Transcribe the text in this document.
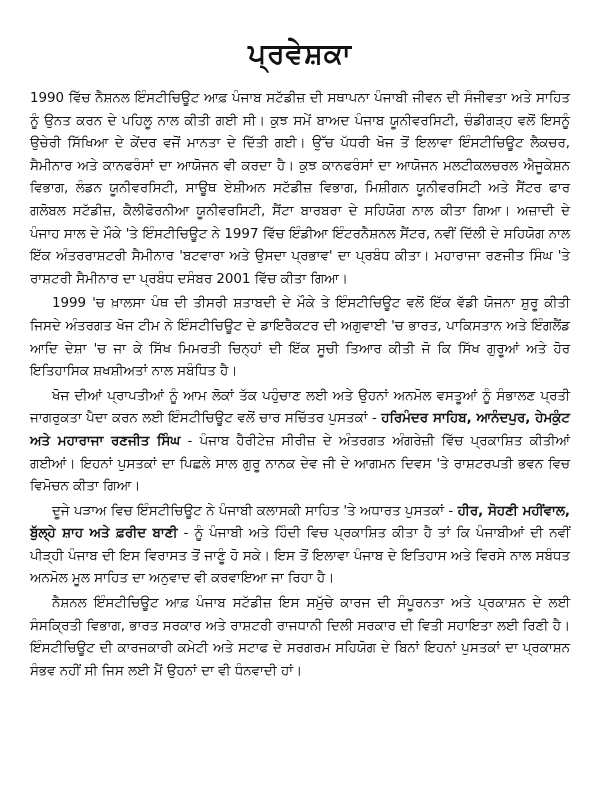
ਪ੍ਰਵੇਸ਼ਕਾ

1990 ਵਿੱਚ ਨੈਸ਼ਨਲ ਇੰਸਟੀਚਿਊਟ ਆਫ਼ ਪੰਜਾਬ ਸਟੱਡੀਜ਼ ਦੀ ਸਥਾਪਨਾ ਪੰਜਾਬੀ ਜੀਵਨ ਦੀ ਸੰਜੀਵਤਾ ਅਤੇ ਸਾਹਿਤ ਨੂੰ ਉਨਤ ਕਰਨ ਦੇ ਪਹਿਲੂ ਨਾਲ ਕੀਤੀ ਗਈ ਸੀ। ਕੁਝ ਸਮੇਂ ਬਾਅਦ ਪੰਜਾਬ ਯੂਨੀਵਰਸਿਟੀ, ਚੰਡੀਗੜ੍ਹ ਵਲੋਂ ਇਸਨੂੰ ਉਚੇਰੀ ਸਿੱਖਿਆ ਦੇ ਕੇਂਦਰ ਵਜੋਂ ਮਾਨਤਾ ਦੇ ਦਿੱਤੀ ਗਈ। ਉੱਚ ਪੱਧਰੀ ਖੋਜ ਤੋਂ ਇਲਾਵਾ ਇੰਸਟੀਚਿਊਟ ਲੈਕਚਰ, ਸੈਮੀਨਾਰ ਅਤੇ ਕਾਨਫਰੰਸਾਂ ਦਾ ਆਯੋਜਨ ਵੀ ਕਰਦਾ ਹੈ। ਕੁਝ ਕਾਨਫਰੰਸਾਂ ਦਾ ਆਯੋਜਨ ਮਲਟੀਕਲਚਰਲ ਐਜੂਕੇਸ਼ਨ ਵਿਭਾਗ, ਲੰਡਨ ਯੂਨੀਵਰਸਿਟੀ, ਸਾਊਥ ਏਸ਼ੀਅਨ ਸਟੱਡੀਜ਼ ਵਿਭਾਗ, ਮਿਸ਼ੀਗਨ ਯੂਨੀਵਰਸਿਟੀ ਅਤੇ ਸੈਂਟਰ ਫਾਰ ਗਲੋਬਲ ਸਟੱਡੀਜ਼, ਕੈਲੀਫੋਰਨੀਆ ਯੂਨੀਵਰਸਿਟੀ, ਸੈਂਟਾ ਬਾਰਬਰਾ ਦੇ ਸਹਿਯੋਗ ਨਾਲ ਕੀਤਾ ਗਿਆ। ਅਜ਼ਾਦੀ ਦੇ ਪੰਜਾਹ ਸਾਲ ਦੇ ਮੌਕੇ 'ਤੇ ਇੰਸਟੀਚਿਊਟ ਨੇ 1997 ਵਿੱਚ ਇੰਡੀਆ ਇੰਟਰਨੈਸ਼ਨਲ ਸੈਂਟਰ, ਨਵੀਂ ਦਿੱਲੀ ਦੇ ਸਹਿਯੋਗ ਨਾਲ ਇੱਕ ਅੰਤਰਰਾਸ਼ਟਰੀ ਸੈਮੀਨਾਰ 'ਬਟਵਾਰਾ ਅਤੇ ਉਸਦਾ ਪ੍ਰਭਾਵ' ਦਾ ਪ੍ਰਬੰਧ ਕੀਤਾ। ਮਹਾਰਾਜਾ ਰਣਜੀਤ ਸਿੰਘ 'ਤੇ ਰਾਸ਼ਟਰੀ ਸੈਮੀਨਾਰ ਦਾ ਪ੍ਰਬੰਧ ਦਸੰਬਰ 2001 ਵਿੱਚ ਕੀਤਾ ਗਿਆ।

1999 'ਚ ਖ਼ਾਲਸਾ ਪੰਥ ਦੀ ਤੀਸਰੀ ਸ਼ਤਾਬਦੀ ਦੇ ਮੌਕੇ ਤੇ ਇੰਸਟੀਚਿਊਟ ਵਲੋਂ ਇੱਕ ਵੱਡੀ ਯੋਜਨਾ ਸ਼ੁਰੂ ਕੀਤੀ ਜਿਸਦੇ ਅੰਤਰਗਤ ਖੋਜ ਟੀਮ ਨੇ ਇੰਸਟੀਚਿਊਟ ਦੇ ਡਾਇਰੈਕਟਰ ਦੀ ਅਗੁਵਾਈ 'ਚ ਭਾਰਤ, ਪਾਕਿਸਤਾਨ ਅਤੇ ਇੰਗਲੈਂਡ ਆਦਿ ਦੇਸ਼ਾ 'ਚ ਜਾ ਕੇ ਸਿੱਖ ਮਿਮਰਤੀ ਚਿਨ੍ਹਾਂ ਦੀ ਇੱਕ ਸੂਚੀ ਤਿਆਰ ਕੀਤੀ ਜੋ ਕਿ ਸਿੱਖ ਗੁਰੂਆਂ ਅਤੇ ਹੋਰ ਇਤਿਹਾਸਿਕ ਸ਼ਖਸ਼ੀਅਤਾਂ ਨਾਲ ਸਬੰਧਿਤ ਹੈ।

ਖੋਜ ਦੀਆਂ ਪ੍ਰਾਪਤੀਆਂ ਨੂੰ ਆਮ ਲੋਕਾਂ ਤੱਕ ਪਹੁੰਚਾਣ ਲਈ ਅਤੇ ਉਹਨਾਂ ਅਨਮੋਲ ਵਸਤੂਆਂ ਨੂੰ ਸੰਭਾਲਣ ਪ੍ਰਤੀ ਜਾਗਰੁਕਤਾ ਪੈਦਾ ਕਰਨ ਲਈ ਇੰਸਟੀਚਿਊਟ ਵਲੋਂ ਚਾਰ ਸਚਿੱਤਰ ਪੁਸਤਕਾਂ - ਹਰਿਮੰਦਰ ਸਾਹਿਬ, ਆਨੰਦਪੁਰ, ਹੇਮਕੁੰਟ ਅਤੇ ਮਹਾਰਾਜਾ ਰਣਜੀਤ ਸਿੰਘ - ਪੰਜਾਬ ਹੈਰੀਟੇਜ਼ ਸੀਰੀਜ਼ ਦੇ ਅੰਤਰਗਤ ਅੰਗਰੇਜ਼ੀ ਵਿੱਚ ਪ੍ਰਕਾਸ਼ਿਤ ਕੀਤੀਆਂ ਗਈਆਂ। ਇਹਨਾਂ ਪੁਸਤਕਾਂ ਦਾ ਪਿਛਲੇ ਸਾਲ ਗੁਰੂ ਨਾਨਕ ਦੇਵ ਜੀ ਦੇ ਆਗਮਨ ਦਿਵਸ 'ਤੇ ਰਾਸ਼ਟਰਪਤੀ ਭਵਨ ਵਿਚ ਵਿਮੋਚਨ ਕੀਤਾ ਗਿਆ।

ਦੂਜੇ ਪੜਾਅ ਵਿਚ ਇੰਸਟੀਚਿਊਟ ਨੇ ਪੰਜਾਬੀ ਕਲਾਸਕੀ ਸਾਹਿਤ 'ਤੇ ਅਧਾਰਤ ਪੁਸਤਕਾਂ - ਹੀਰ, ਸੋਹਣੀ ਮਹੀਂਵਾਲ, ਬੁੱਲ੍ਹੇ ਸ਼ਾਹ ਅਤੇ ਫ਼ਰੀਦ ਬਾਣੀ - ਨੂੰ ਪੰਜਾਬੀ ਅਤੇ ਹਿੰਦੀ ਵਿਚ ਪ੍ਰਕਾਸ਼ਿਤ ਕੀਤਾ ਹੈ ਤਾਂ ਕਿ ਪੰਜਾਬੀਆਂ ਦੀ ਨਵੀਂ ਪੀੜ੍ਹੀ ਪੰਜਾਬ ਦੀ ਇਸ ਵਿਰਾਸਤ ਤੋਂ ਜਾਣੂੰ ਹੋ ਸਕੇ। ਇਸ ਤੋਂ ਇਲਾਵਾ ਪੰਜਾਬ ਦੇ ਇਤਿਹਾਸ ਅਤੇ ਵਿਰਸੇ ਨਾਲ ਸਬੰਧਤ ਅਨਮੋਲ ਮੂਲ ਸਾਹਿਤ ਦਾ ਅਨੁਵਾਦ ਵੀ ਕਰਵਾਇਆ ਜਾ ਰਿਹਾ ਹੈ।

ਨੈਸ਼ਨਲ ਇੰਸਟੀਚਿਊਟ ਆਫ਼ ਪੰਜਾਬ ਸਟੱਡੀਜ਼ ਇਸ ਸਮੁੱਚੇ ਕਾਰਜ ਦੀ ਸੰਪੂਰਨਤਾ ਅਤੇ ਪ੍ਰਕਾਸ਼ਨ ਦੇ ਲਈ ਸੰਸਕ੍ਰਿਤੀ ਵਿਭਾਗ, ਭਾਰਤ ਸਰਕਾਰ ਅਤੇ ਰਾਸ਼ਟਰੀ ਰਾਜਧਾਨੀ ਦਿਲੀ ਸਰਕਾਰ ਦੀ ਵਿਤੀ ਸਹਾਇਤਾ ਲਈ ਰਿਣੀ ਹੈ। ਇੰਸਟੀਚਿਊਟ ਦੀ ਕਾਰਜਕਾਰੀ ਕਮੇਟੀ ਅਤੇ ਸਟਾਫ ਦੇ ਸਰਗਰਮ ਸਹਿਯੋਗ ਦੇ ਬਿਨਾਂ ਇਹਨਾਂ ਪੁਸਤਕਾਂ ਦਾ ਪ੍ਰਕਾਸ਼ਨ ਸੰਭਵ ਨਹੀਂ ਸੀ ਜਿਸ ਲਈ ਮੈਂ ਉਹਨਾਂ ਦਾ ਵੀ ਧੰਨਵਾਦੀ ਹਾਂ।
